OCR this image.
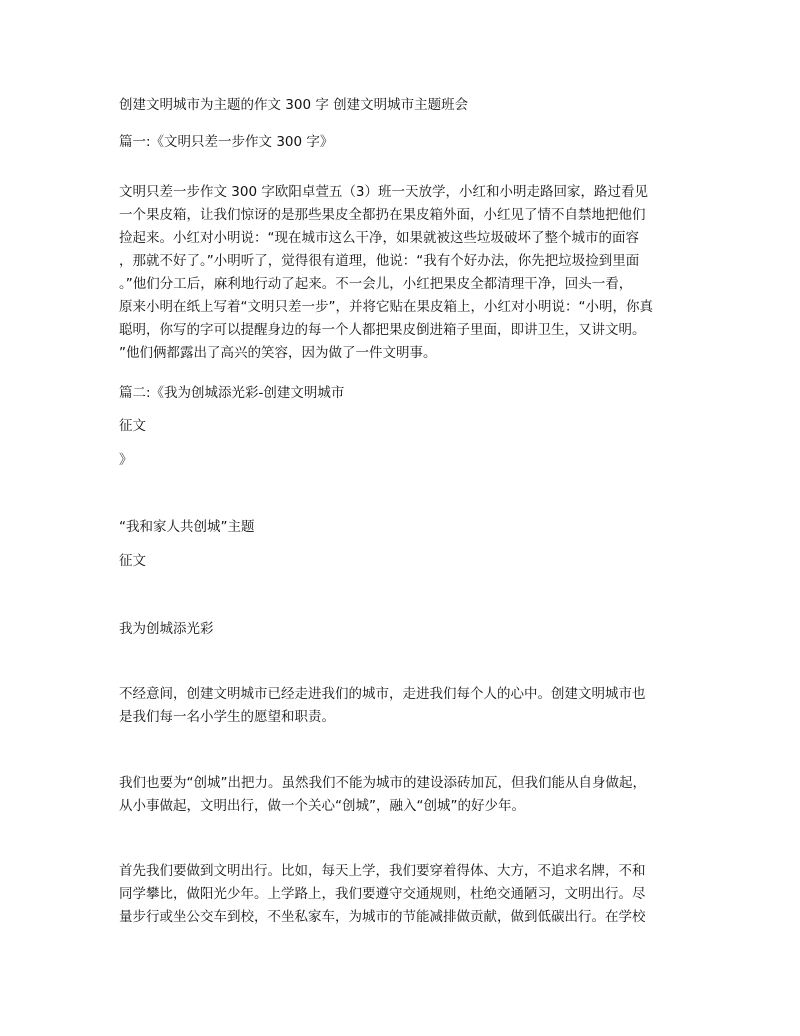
创建文明城市为主题的作文 300 字 创建文明城市主题班会
篇一:《文明只差一步作文 300 字》
文明只差一步作文 300 字欧阳卓萱五（3）班一天放学，小红和小明走路回家，路过看见
一个果皮箱，让我们惊讶的是那些果皮全都扔在果皮箱外面，小红见了情不自禁地把他们
捡起来。小红对小明说：“现在城市这么干净，如果就被这些垃圾破坏了整个城市的面容
，那就不好了。”小明听了，觉得很有道理，他说：“我有个好办法，你先把垃圾捡到里面
。”他们分工后，麻利地行动了起来。不一会儿，小红把果皮全都清理干净，回头一看，
原来小明在纸上写着“文明只差一步”，并将它贴在果皮箱上，小红对小明说：“小明，你真
聪明，你写的字可以提醒身边的每一个人都把果皮倒进箱子里面，即讲卫生，又讲文明。
”他们俩都露出了高兴的笑容，因为做了一件文明事。
篇二:《我为创城添光彩-创建文明城市
征文
》
“我和家人共创城”主题
征文
我为创城添光彩
不经意间，创建文明城市已经走进我们的城市，走进我们每个人的心中。创建文明城市也
是我们每一名小学生的愿望和职责。
我们也要为“创城”出把力。虽然我们不能为城市的建设添砖加瓦，但我们能从自身做起，
从小事做起，文明出行，做一个关心“创城”，融入“创城”的好少年。
首先我们要做到文明出行。比如，每天上学，我们要穿着得体、大方，不追求名牌，不和
同学攀比，做阳光少年。上学路上，我们要遵守交通规则，杜绝交通陋习，文明出行。尽
量步行或坐公交车到校，不坐私家车，为城市的节能减排做贡献，做到低碳出行。在学校
